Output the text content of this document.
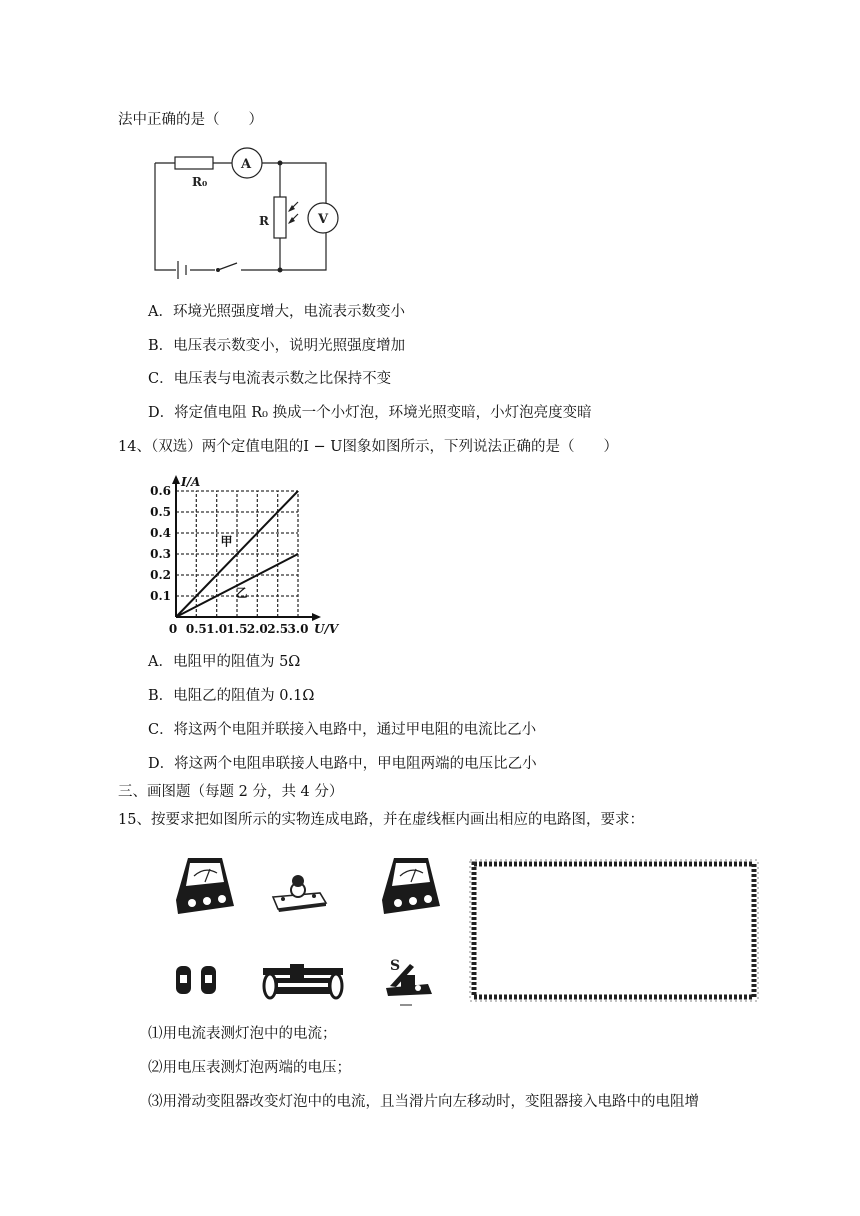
法中正确的是（　　）
R₀
A
R	V
A．环境光照强度增大，电流表示数变小
B．电压表示数变小，说明光照强度增加
C．电压表与电流表示数之比保持不变
D．将定值电阻 R₀ 换成一个小灯泡，环境光照变暗，小灯泡亮度变暗
14、（双选）两个定值电阻的I − U图象如图所示，下列说法正确的是（　　）
甲
乙
0.5 1.0 1.5 2.0 2.5 3.0
0.1
0.2
0.3
0.4
0.5
0.6
0	U/V
I/A
A．电阻甲的阻值为 5Ω
B．电阻乙的阻值为 0.1Ω
C．将这两个电阻并联接入电路中，通过甲电阻的电流比乙小
D．将这两个电阻串联接人电路中，甲电阻两端的电压比乙小
三、画图题（每题 2 分，共 4 分）
15、按要求把如图所示的实物连成电路，并在虚线框内画出相应的电路图，要求：
S
⑴用电流表测灯泡中的电流；
⑵用电压表测灯泡两端的电压；
⑶用滑动变阻器改变灯泡中的电流，且当滑片向左移动时，变阻器接入电路中的电阻增
